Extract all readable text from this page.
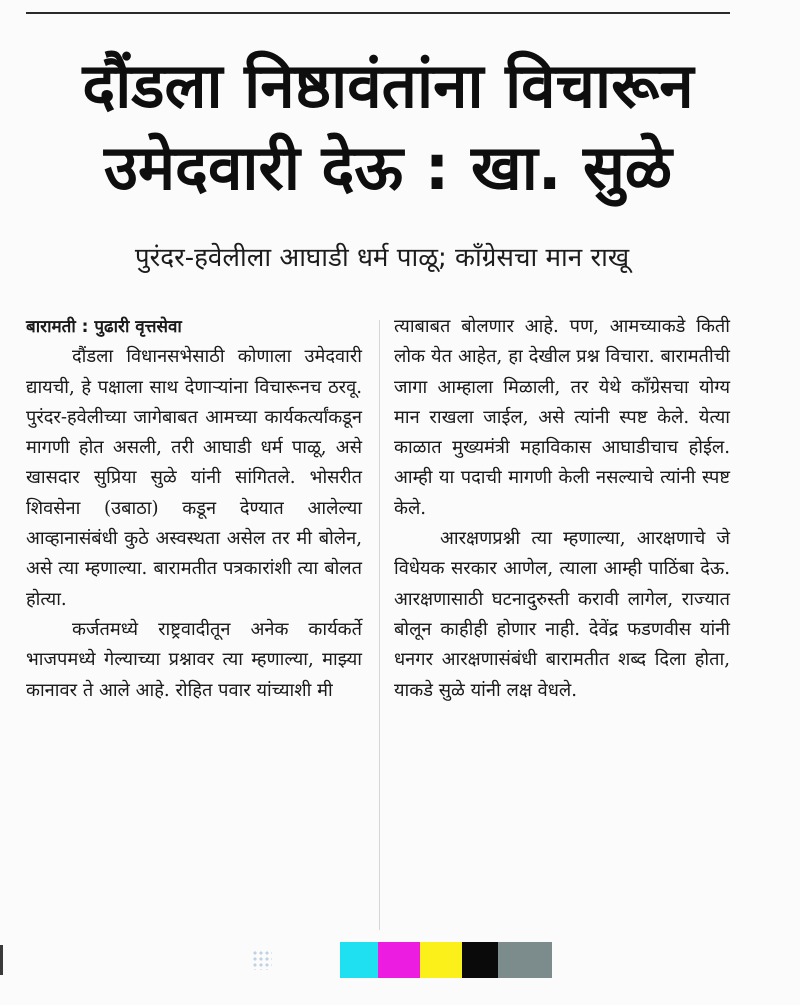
दौंडला निष्ठावंतांना विचारून
उमेदवारी देऊ : खा. सुळे
पुरंदर-हवेलीला आघाडी धर्म पाळू; काँग्रेसचा मान राखू

बारामती : पुढारी वृत्तसेवा

दौंडला विधानसभेसाठी कोणाला उमेदवारी द्यायची, हे पक्षाला साथ देणाऱ्यांना विचारूनच ठरवू. पुरंदर-हवेलीच्या जागेबाबत आमच्या कार्यकर्त्यांकडून मागणी होत असली, तरी आघाडी धर्म पाळू, असे खासदार सुप्रिया सुळे यांनी सांगितले. भोसरीत शिवसेना (उबाठा) कडून देण्यात आलेल्या आव्हानासंबंधी कुठे अस्वस्थता असेल तर मी बोलेन, असे त्या म्हणाल्या. बारामतीत पत्रकारांशी त्या बोलत होत्या.

कर्जतमध्ये राष्ट्रवादीतून अनेक कार्यकर्ते भाजपमध्ये गेल्याच्या प्रश्नावर त्या म्हणाल्या, माझ्या कानावर ते आले आहे. रोहित पवार यांच्याशी मी

त्याबाबत बोलणार आहे. पण, आमच्याकडे किती लोक येत आहेत, हा देखील प्रश्न विचारा. बारामतीची जागा आम्हाला मिळाली, तर येथे काँग्रेसचा योग्य मान राखला जाईल, असे त्यांनी स्पष्ट केले. येत्या काळात मुख्यमंत्री महाविकास आघाडीचाच होईल. आम्ही या पदाची मागणी केली नसल्याचे त्यांनी स्पष्ट केले.

आरक्षणप्रश्नी त्या म्हणाल्या, आरक्षणाचे जे विधेयक सरकार आणेल, त्याला आम्ही पाठिंबा देऊ. आरक्षणासाठी घटनादुरुस्ती करावी लागेल, राज्यात बोलून काहीही होणार नाही. देवेंद्र फडणवीस यांनी धनगर आरक्षणासंबंधी बारामतीत शब्द दिला होता, याकडे सुळे यांनी लक्ष वेधले.
